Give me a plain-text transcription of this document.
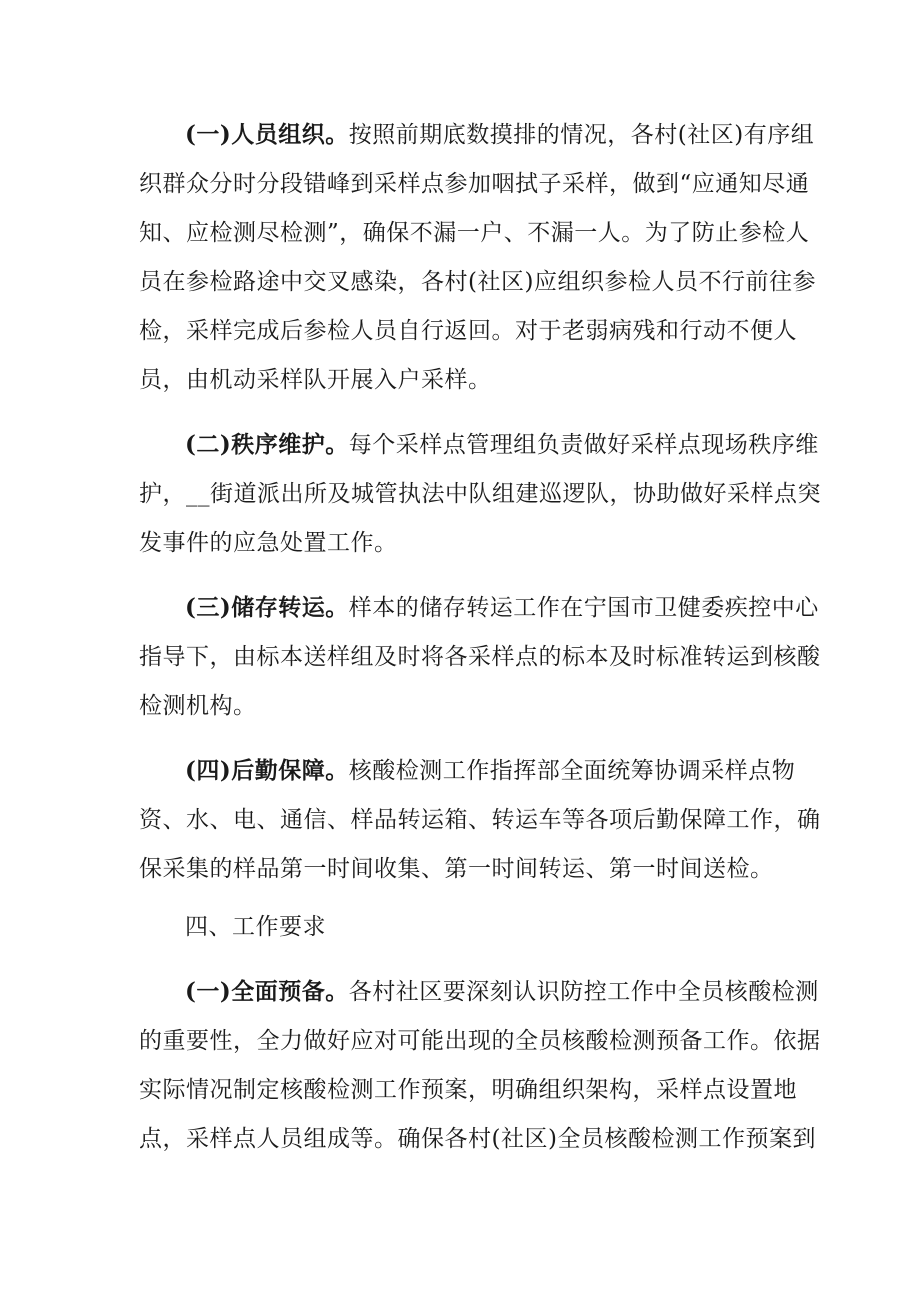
(一)人员组织。按照前期底数摸排的情况，各村(社区)有序组
织群众分时分段错峰到采样点参加咽拭子采样，做到“应通知尽通
知、应检测尽检测”，确保不漏一户、不漏一人。为了防止参检人
员在参检路途中交叉感染，各村(社区)应组织参检人员不行前往参
检，采样完成后参检人员自行返回。对于老弱病残和行动不便人
员，由机动采样队开展入户采样。
(二)秩序维护。每个采样点管理组负责做好采样点现场秩序维
护，__街道派出所及城管执法中队组建巡逻队，协助做好采样点突
发事件的应急处置工作。
(三)储存转运。样本的储存转运工作在宁国市卫健委疾控中心
指导下，由标本送样组及时将各采样点的标本及时标准转运到核酸
检测机构。
(四)后勤保障。核酸检测工作指挥部全面统筹协调采样点物
资、水、电、通信、样品转运箱、转运车等各项后勤保障工作，确
保采集的样品第一时间收集、第一时间转运、第一时间送检。
四、工作要求
(一)全面预备。各村社区要深刻认识防控工作中全员核酸检测
的重要性，全力做好应对可能出现的全员核酸检测预备工作。依据
实际情况制定核酸检测工作预案，明确组织架构，采样点设置地
点，采样点人员组成等。确保各村(社区)全员核酸检测工作预案到
